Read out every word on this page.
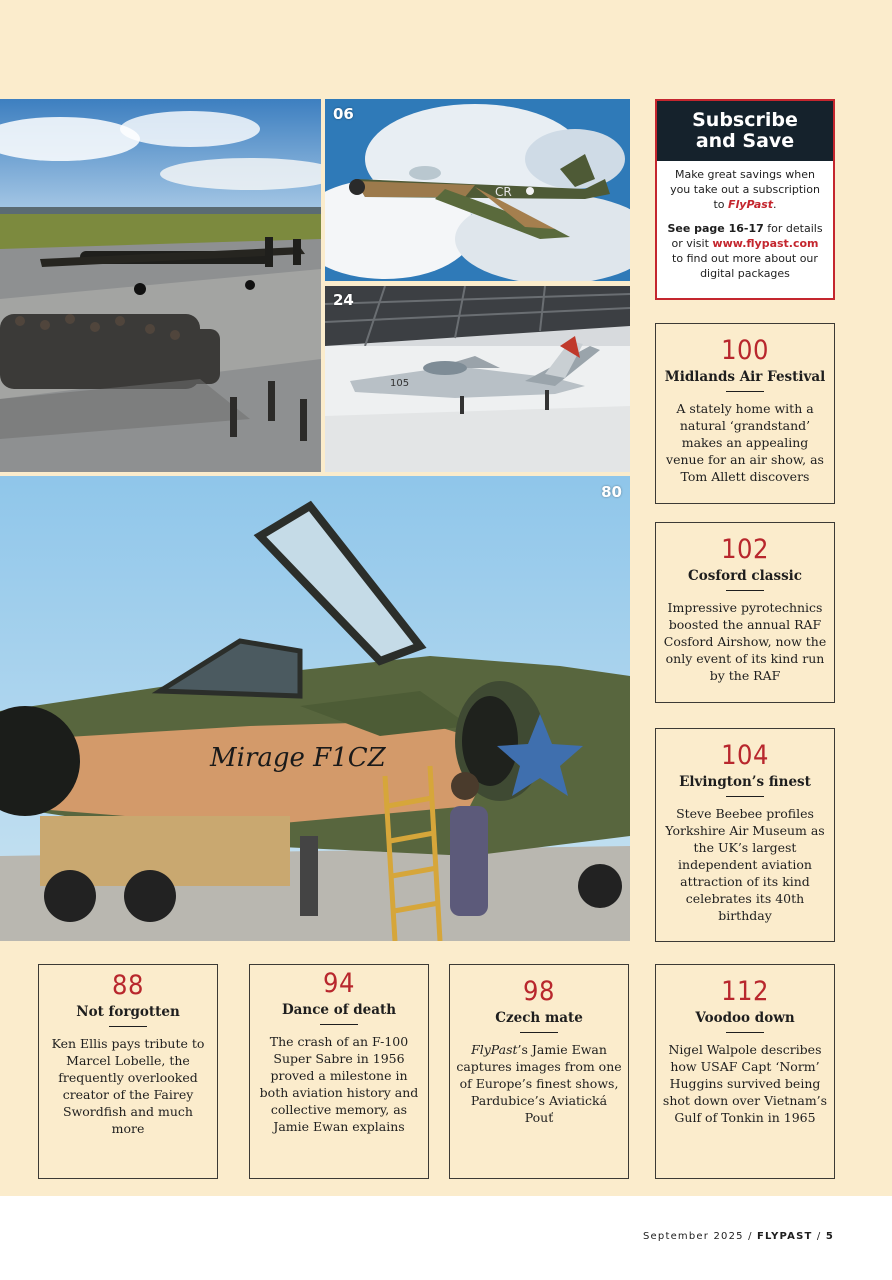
CR
06
105
24
Mirage F1CZ
80
Subscribe
and Save

Make great savings when you take out a subscription to FlyPast.

See page 16-17 for details or visit www.flypast.com to find out more about our digital packages

100
Midlands Air Festival
A stately home with a natural ‘grandstand’ makes an appealing venue for an air show, as Tom Allett discovers
102
Cosford classic
Impressive pyrotechnics boosted the annual RAF Cosford Airshow, now the only event of its kind run by the RAF
104
Elvington’s finest
Steve Beebee profiles Yorkshire Air Museum as the UK’s largest independent aviation attraction of its kind celebrates its 40th birthday
88
Not forgotten
Ken Ellis pays tribute to Marcel Lobelle, the frequently overlooked creator of the Fairey Swordfish and much more
94
Dance of death
The crash of an F-100 Super Sabre in 1956 proved a milestone in both aviation history and collective memory, as Jamie Ewan explains
98
Czech mate
FlyPast’s Jamie Ewan captures images from one of Europe’s finest shows, Pardubice’s Aviatická Pouť
112
Voodoo down
Nigel Walpole describes how USAF Capt ‘Norm’ Huggins survived being shot down over Vietnam’s Gulf of Tonkin in 1965
September 2025 / FLYPAST / 5
